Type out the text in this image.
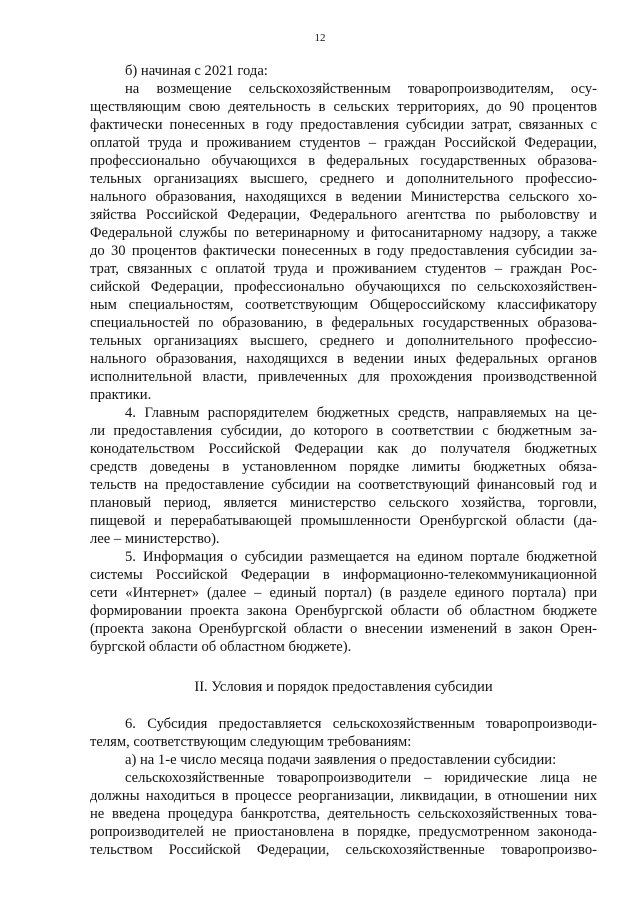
12
б) начиная с 2021 года:
на возмещение сельскохозяйственным товаропроизводителям, осу-
ществляющим свою деятельность в сельских территориях, до 90 процентов
фактически понесенных в году предоставления субсидии затрат, связанных с
оплатой труда и проживанием студентов – граждан Российской Федерации,
профессионально обучающихся в федеральных государственных образова-
тельных организациях высшего, среднего и дополнительного профессио-
нального образования, находящихся в ведении Министерства сельского хо-
зяйства Российской Федерации, Федерального агентства по рыболовству и
Федеральной службы по ветеринарному и фитосанитарному надзору, а также
до 30 процентов фактически понесенных в году предоставления субсидии за-
трат, связанных с оплатой труда и проживанием студентов – граждан Рос-
сийской Федерации, профессионально обучающихся по сельскохозяйствен-
ным специальностям, соответствующим Общероссийскому классификатору
специальностей по образованию, в федеральных государственных образова-
тельных организациях высшего, среднего и дополнительного профессио-
нального образования, находящихся в ведении иных федеральных органов
исполнительной власти, привлеченных для прохождения производственной
практики.
4. Главным распорядителем бюджетных средств, направляемых на це-
ли предоставления субсидии, до которого в соответствии с бюджетным за-
конодательством Российской Федерации как до получателя бюджетных
средств доведены в установленном порядке лимиты бюджетных обяза-
тельств на предоставление субсидии на соответствующий финансовый год и
плановый период, является министерство сельского хозяйства, торговли,
пищевой и перерабатывающей промышленности Оренбургской области (да-
лее – министерство).
5. Информация о субсидии размещается на едином портале бюджетной
системы Российской Федерации в информационно-телекоммуникационной
сети «Интернет» (далее – единый портал) (в разделе единого портала) при
формировании проекта закона Оренбургской области об областном бюджете
(проекта закона Оренбургской области о внесении изменений в закон Орен-
бургской области об областном бюджете).
II. Условия и порядок предоставления субсидии
6. Субсидия предоставляется сельскохозяйственным товаропроизводи-
телям, соответствующим следующим требованиям:
а) на 1-е число месяца подачи заявления о предоставлении субсидии:
сельскохозяйственные товаропроизводители – юридические лица не
должны находиться в процессе реорганизации, ликвидации, в отношении них
не введена процедура банкротства, деятельность сельскохозяйственных това-
ропроизводителей не приостановлена в порядке, предусмотренном законода-
тельством Российской Федерации, сельскохозяйственные товаропроизво-
